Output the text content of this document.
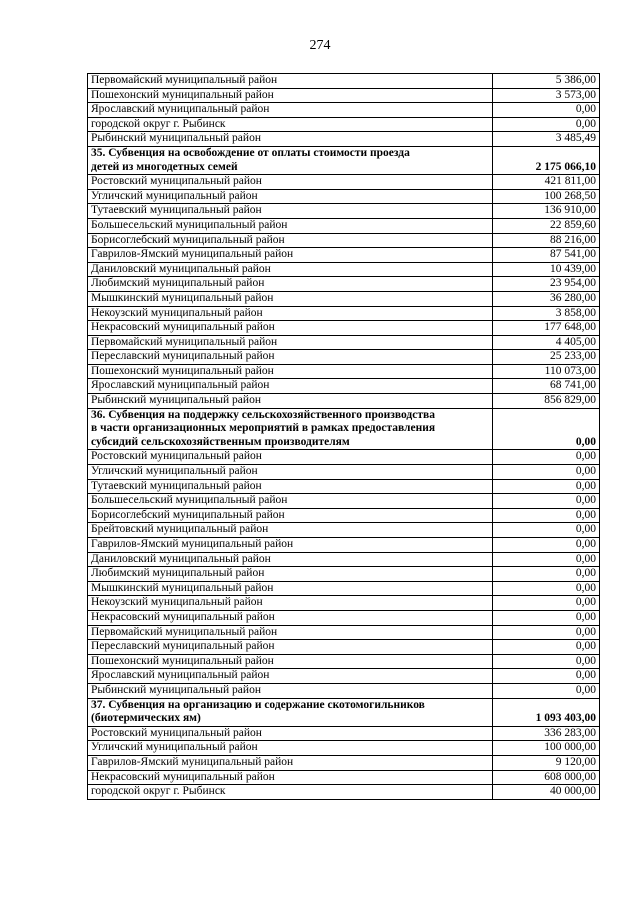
274
Первомайский муниципальный район	5 386,00
Пошехонский муниципальный район	3 573,00
Ярославский муниципальный район	0,00
городской округ г. Рыбинск	0,00
Рыбинский муниципальный район	3 485,49

35. Субвенция на освобождение от оплаты стоимости проезда
детей из многодетных семей	2 175 066,10
Ростовский муниципальный район	421 811,00
Угличский муниципальный район	100 268,50
Тутаевский муниципальный район	136 910,00
Большесельский муниципальный район	22 859,60
Борисоглебский муниципальный район	88 216,00
Гаврилов-Ямский муниципальный район	87 541,00
Даниловский муниципальный район	10 439,00
Любимский муниципальный район	23 954,00
Мышкинский муниципальный район	36 280,00
Некоузский муниципальный район	3 858,00
Некрасовский муниципальный район	177 648,00
Первомайский муниципальный район	4 405,00
Переславский муниципальный район	25 233,00
Пошехонский муниципальный район	110 073,00
Ярославский муниципальный район	68 741,00
Рыбинский муниципальный район	856 829,00

36. Субвенция на поддержку сельскохозяйственного производства
в части организационных мероприятий в рамках предоставления
субсидий сельскохозяйственным производителям	0,00
Ростовский муниципальный район	0,00
Угличский муниципальный район	0,00
Тутаевский муниципальный район	0,00
Большесельский муниципальный район	0,00
Борисоглебский муниципальный район	0,00
Брейтовский муниципальный район	0,00
Гаврилов-Ямский муниципальный район	0,00
Даниловский муниципальный район	0,00
Любимский муниципальный район	0,00
Мышкинский муниципальный район	0,00
Некоузский муниципальный район	0,00
Некрасовский муниципальный район	0,00
Первомайский муниципальный район	0,00
Переславский муниципальный район	0,00
Пошехонский муниципальный район	0,00
Ярославский муниципальный район	0,00
Рыбинский муниципальный район	0,00

37. Субвенция на организацию и содержание скотомогильников
(биотермических ям)	1 093 403,00
Ростовский муниципальный район	336 283,00
Угличский муниципальный район	100 000,00
Гаврилов-Ямский муниципальный район	9 120,00
Некрасовский муниципальный район	608 000,00
городской округ г. Рыбинск	40 000,00
